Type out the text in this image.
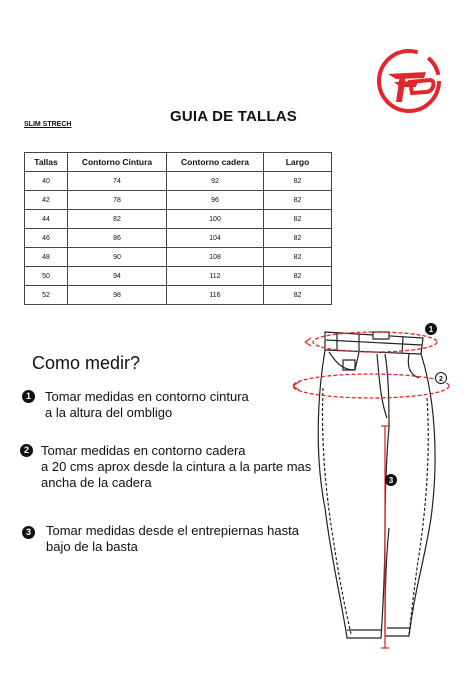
GUIA DE TALLAS
SLIM STRECH
Tallas	Contorno Cintura	Contorno cadera	Largo
40	74	92	82
42	78	96	82
44	82	100	82
46	86	104	82
48	90	108	82
50	94	112	82
52	98	116	82
Como medir?
1	Tomar medidas en contorno cintura
a la altura del ombligo
2 Tomar medidas en contorno cadera
a 20 cms aprox desde la cintura a la parte mas
ancha de la cadera
3	Tomar medidas desde el entrepiernas hasta
bajo de la basta
1
2
3
